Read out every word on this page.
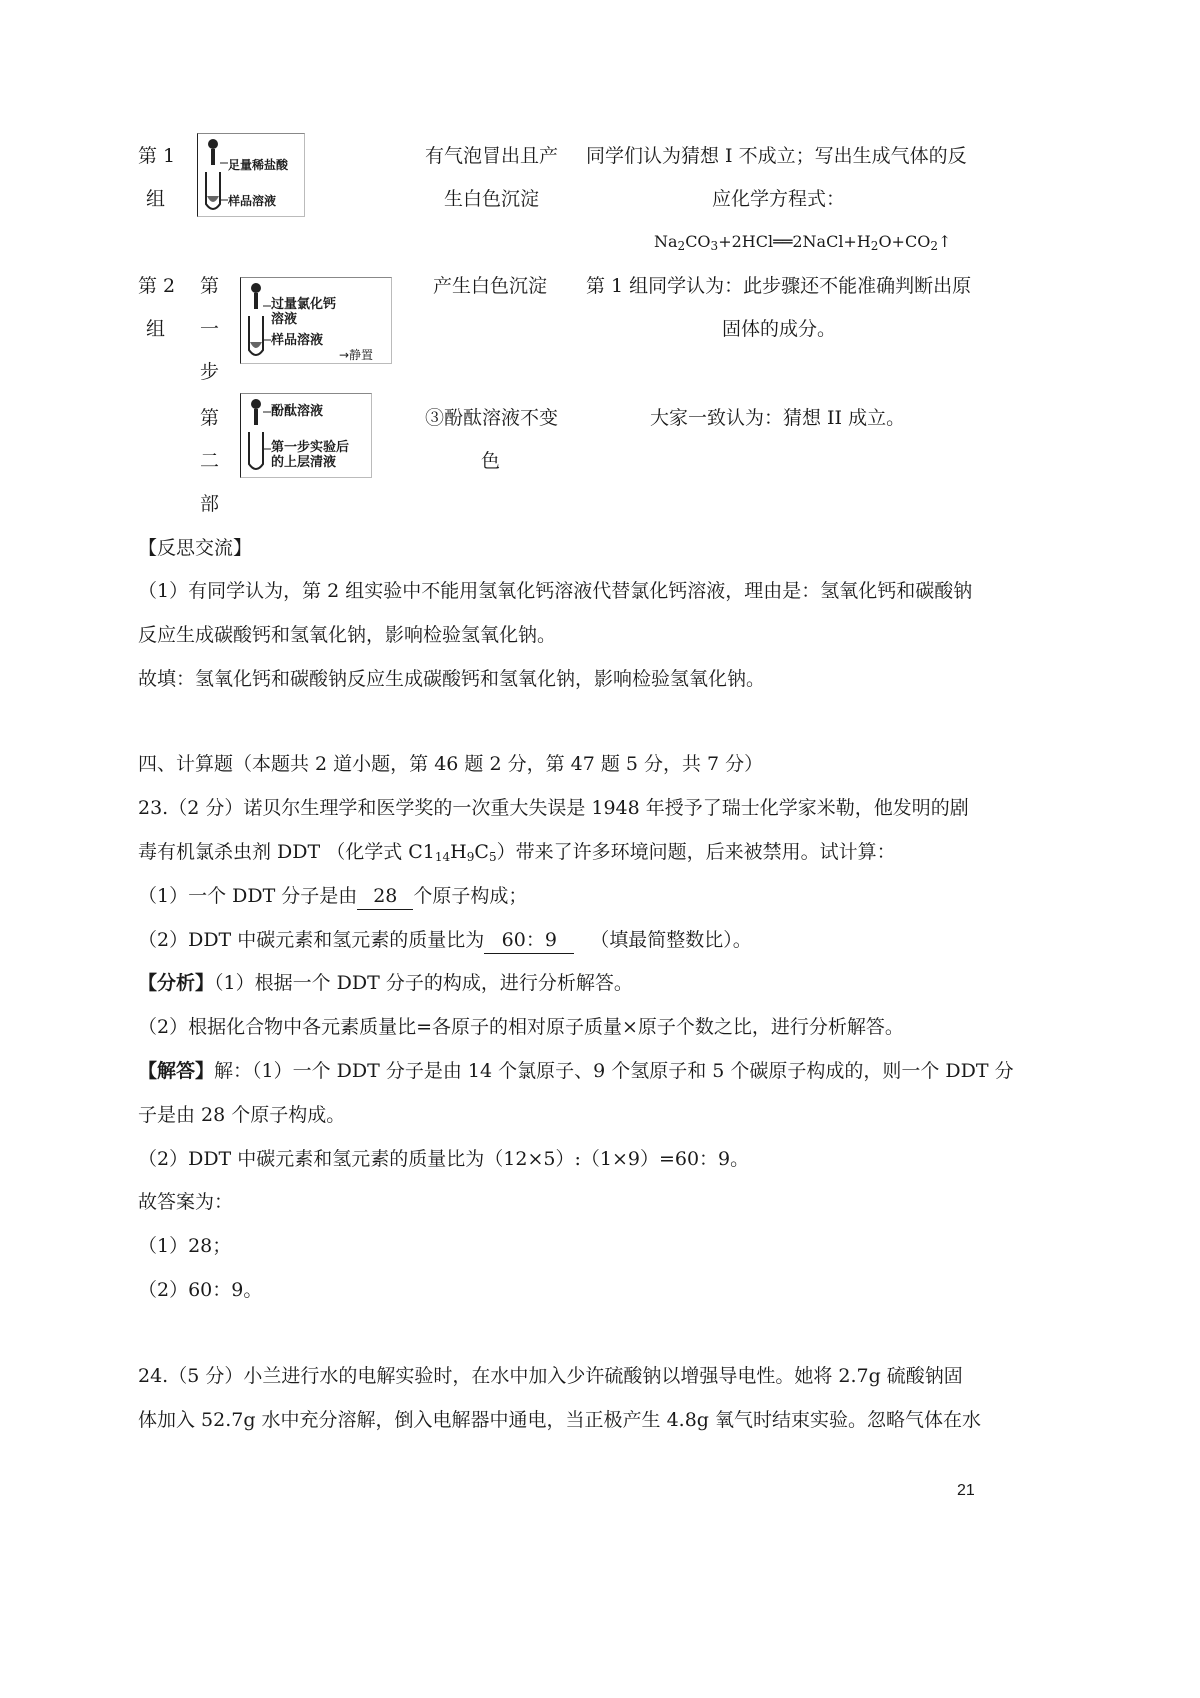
第 1
组
足量稀盐酸
样品溶液
有气泡冒出且产
生白色沉淀
同学们认为猜想 I 不成立；写出生成气体的反
应化学方程式：
$Na_2CO_3+2HCl══2NaCl+H_2O+CO_2↑$
第 2
组
第
一
步
过量氯化钙
溶液
样品溶液
→静置
产生白色沉淀 第 1 组同学认为：此步骤还不能准确判断出原
固体的成分。
第
二
部
酚酞溶液
第一步实验后
的上层清液
③酚酞溶液不变
色
大家一致认为：猜想 II 成立。
【反思交流】
（1）有同学认为，第 2 组实验中不能用氢氧化钙溶液代替氯化钙溶液，理由是：氢氧化钙和碳酸钠
反应生成碳酸钙和氢氧化钠，影响检验氢氧化钠。
故填：氢氧化钙和碳酸钠反应生成碳酸钙和氢氧化钠，影响检验氢氧化钠。
四、计算题（本题共 2 道小题，第 46 题 2 分，第 47 题 5 分，共 7 分）
23.（2 分）诺贝尔生理学和医学奖的一次重大失误是 1948 年授予了瑞士化学家米勒，他发明的剧
毒有机氯杀虫剂 DDT （化学式 $C1_{14}H_9C_5$）带来了许多环境问题，后来被禁用。试计算：
（1）一个 DDT 分子是由 28 个原子构成；
（2）DDT 中碳元素和氢元素的质量比为 60：9 （填最简整数比）。
【分析】（1）根据一个 DDT 分子的构成，进行分析解答。
（2）根据化合物中各元素质量比=各原子的相对原子质量×原子个数之比，进行分析解答。
【解答】解：（1）一个 DDT 分子是由 14 个氯原子、9 个氢原子和 5 个碳原子构成的，则一个 DDT 分
子是由 28 个原子构成。
（2）DDT 中碳元素和氢元素的质量比为（12×5）:（1×9）=60：9。
故答案为：
（1）28；
（2）60：9。
24.（5 分）小兰进行水的电解实验时，在水中加入少许硫酸钠以增强导电性。她将 2.7g 硫酸钠固
体加入 52.7g 水中充分溶解，倒入电解器中通电，当正极产生 4.8g 氧气时结束实验。忽略气体在水
21
